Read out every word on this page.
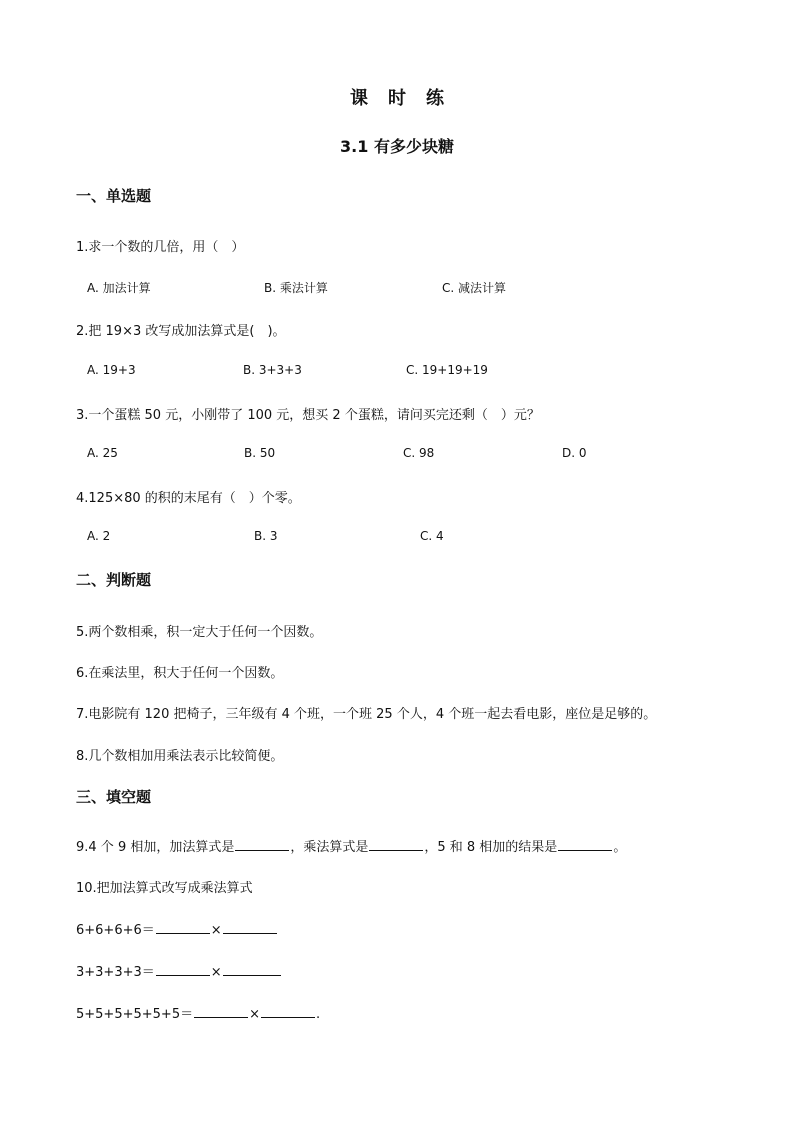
课 时 练
3.1 有多少块糖
一、单选题
1.求一个数的几倍，用（　）
A. 加法计算	B. 乘法计算	C. 减法计算
2.把 19×3 改写成加法算式是(　)。
A. 19+3	B. 3+3+3	C. 19+19+19
3.一个蛋糕 50 元，小刚带了 100 元，想买 2 个蛋糕，请问买完还剩（　）元？
A. 25	B. 50	C. 98	D. 0
4.125×80 的积的末尾有（　）个零。
A. 2	B. 3	C. 4
二、判断题
5.两个数相乘，积一定大于任何一个因数。
6.在乘法里，积大于任何一个因数。
7.电影院有 120 把椅子，三年级有 4 个班，一个班 25 个人，4 个班一起去看电影，座位是足够的。
8.几个数相加用乘法表示比较简便。
三、填空题
9.4 个 9 相加，加法算式是	，乘法算式是	，5 和 8 相加的结果是	。
10.把加法算式改写成乘法算式
6+6+6+6＝	×
3+3+3+3＝	×
5+5+5+5+5+5＝	×	.
